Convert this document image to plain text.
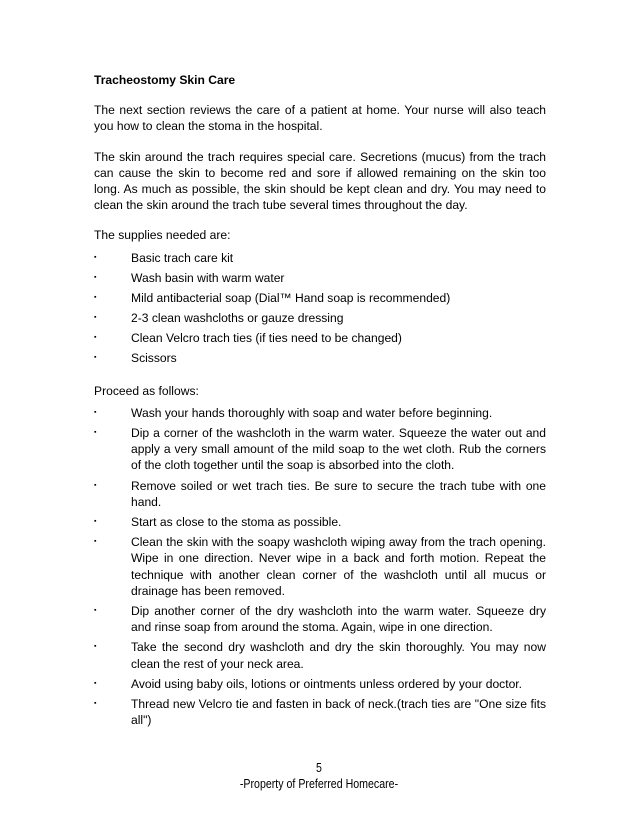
Tracheostomy Skin Care

The next section reviews the care of a patient at home. Your nurse will also teach you how to clean the stoma in the hospital.

The skin around the trach requires special care. Secretions (mucus) from the trach can cause the skin to become red and sore if allowed remaining on the skin too long. As much as possible, the skin should be kept clean and dry. You may need to clean the skin around the trach tube several times throughout the day.

The supplies needed are:

▪	Basic trach care kit
▪	Wash basin with warm water
▪	Mild antibacterial soap (Dial™ Hand soap is recommended)
▪	2-3 clean washcloths or gauze dressing
▪	Clean Velcro trach ties (if ties need to be changed)
▪	Scissors

Proceed as follows:

▪	Wash your hands thoroughly with soap and water before beginning.
▪	Dip a corner of the washcloth in the warm water. Squeeze the water out and apply a very small amount of the mild soap to the wet cloth. Rub the corners of the cloth together until the soap is absorbed into the cloth.
▪	Remove soiled or wet trach ties. Be sure to secure the trach tube with one hand.
▪	Start as close to the stoma as possible.
▪	Clean the skin with the soapy washcloth wiping away from the trach opening. Wipe in one direction. Never wipe in a back and forth motion. Repeat the technique with another clean corner of the washcloth until all mucus or drainage has been removed.
▪	Dip another corner of the dry washcloth into the warm water. Squeeze dry and rinse soap from around the stoma. Again, wipe in one direction.
▪	Take the second dry washcloth and dry the skin thoroughly. You may now clean the rest of your neck area.
▪	Avoid using baby oils, lotions or ointments unless ordered by your doctor.
▪	Thread new Velcro tie and fasten in back of neck.(trach ties are "One size fits all")
5
-Property of Preferred Homecare-
